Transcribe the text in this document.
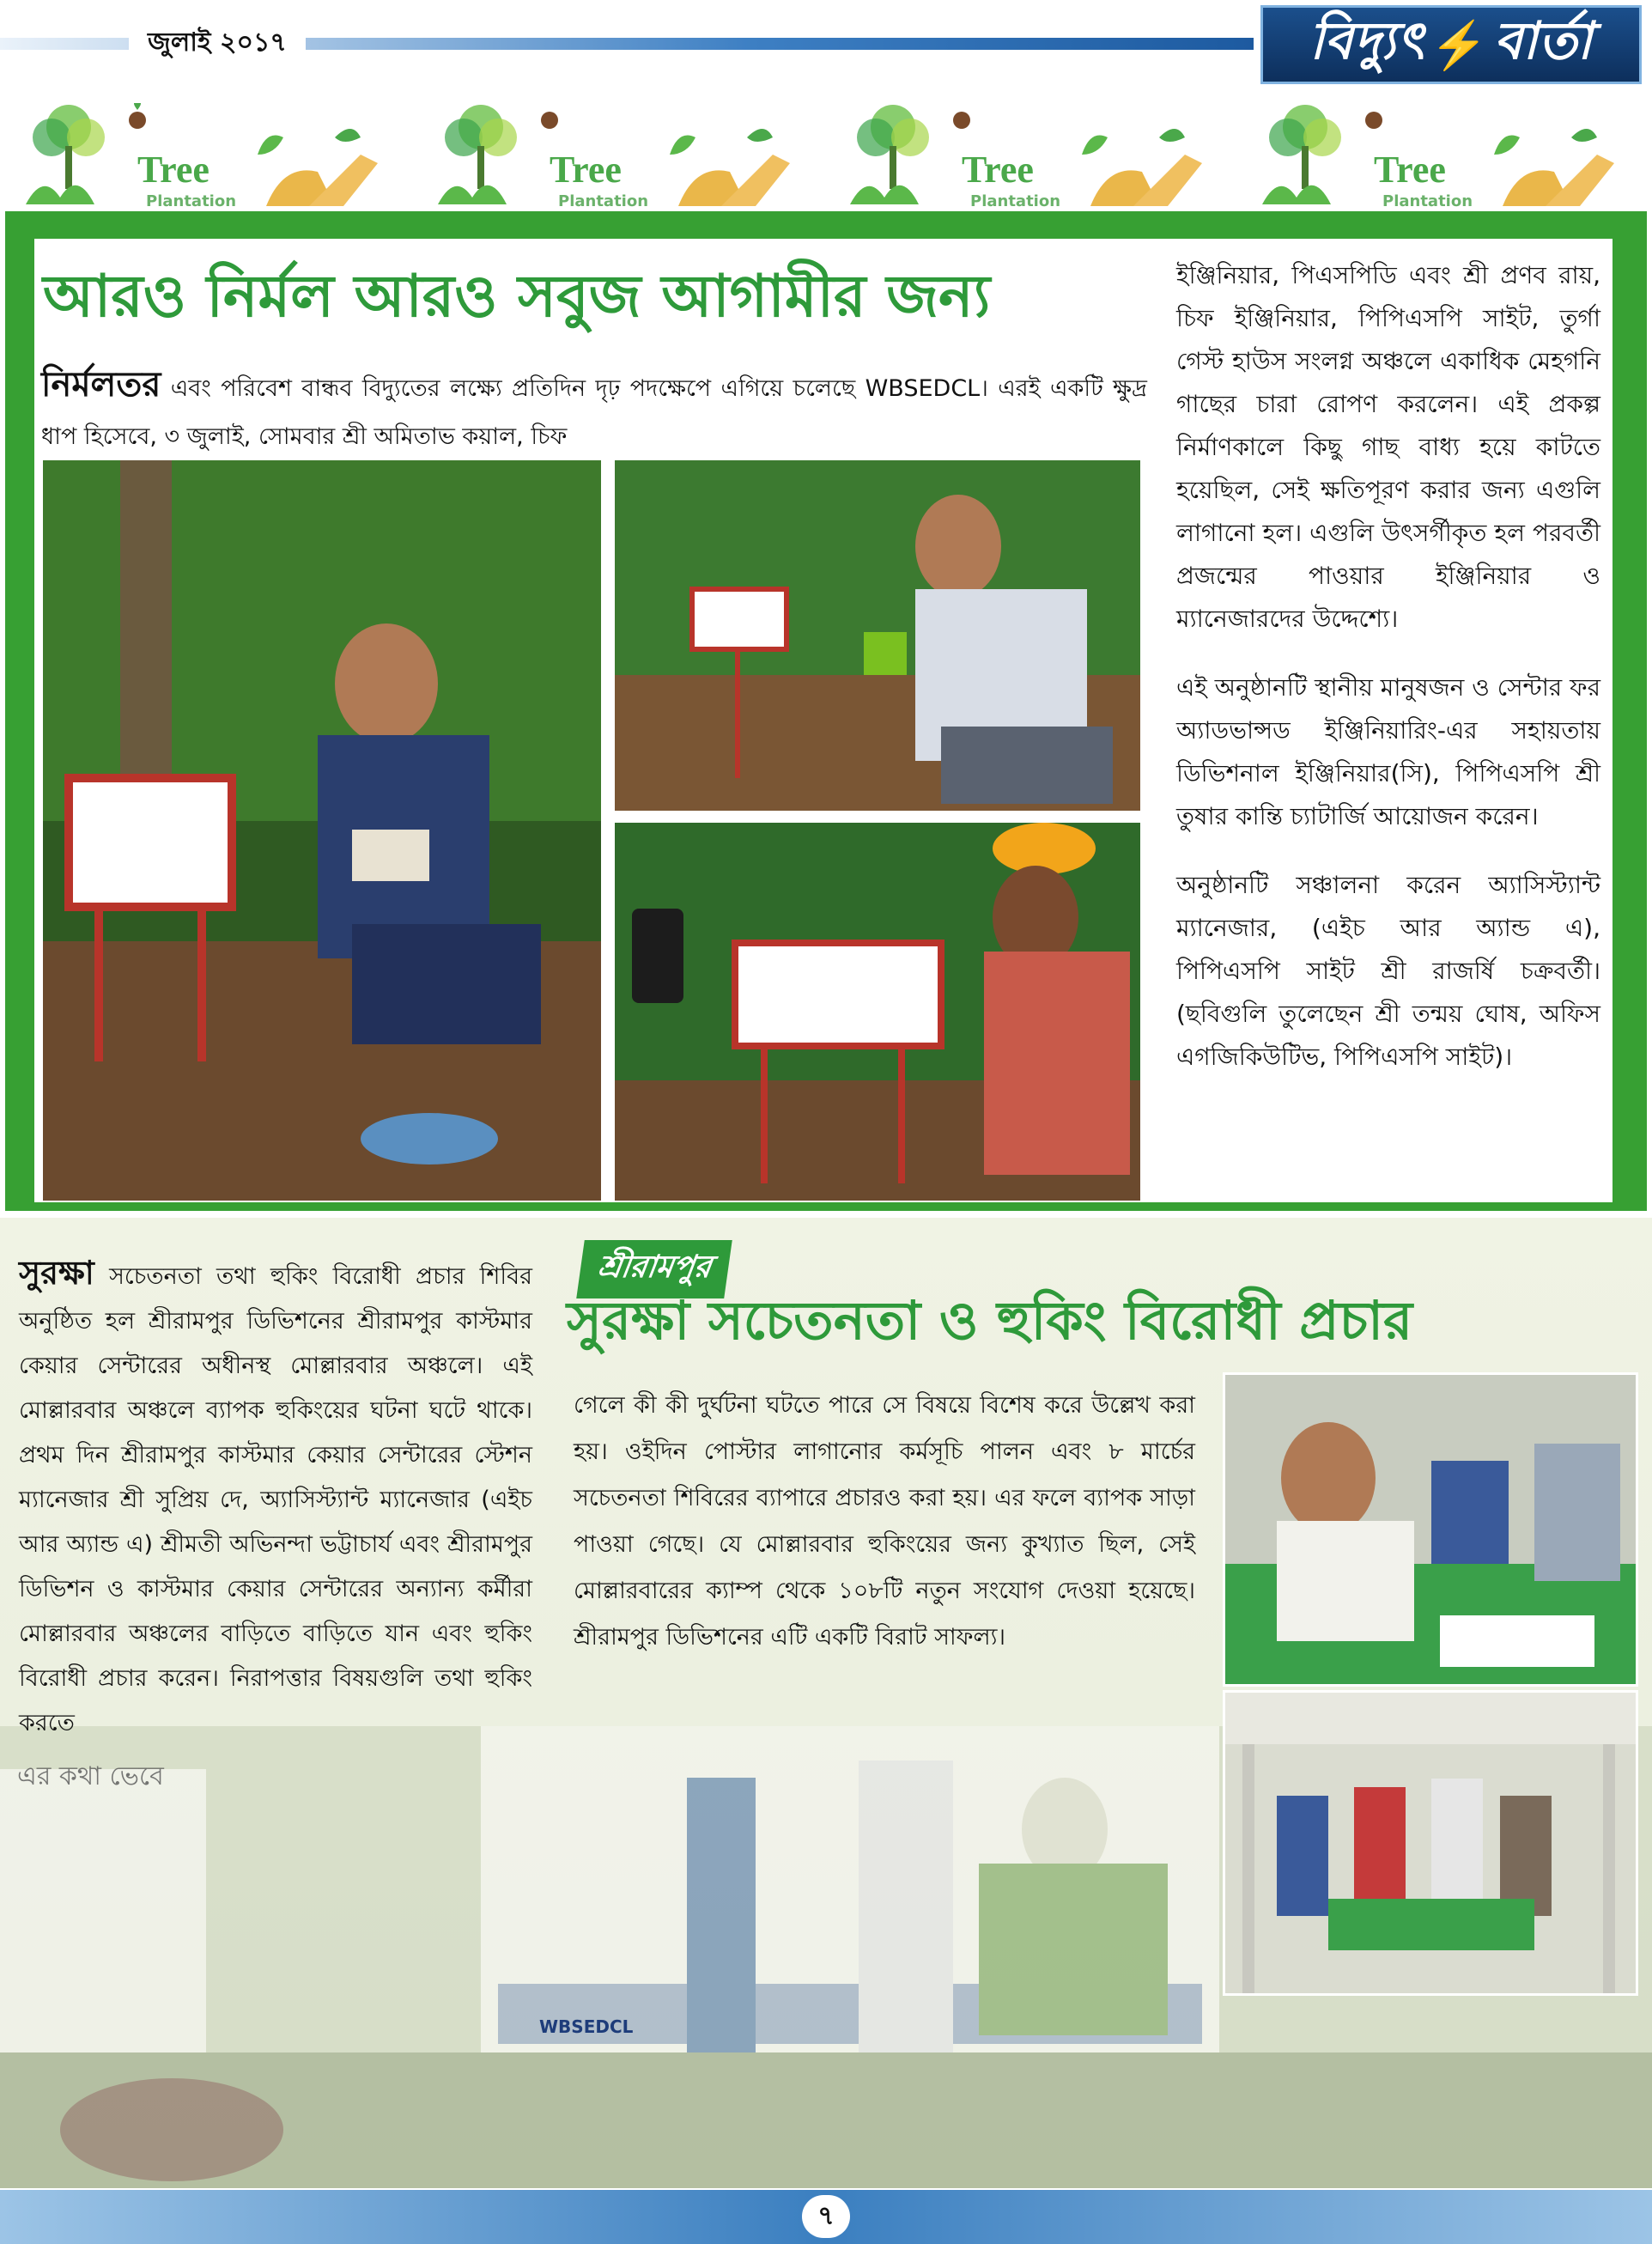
জুলাই ২০১৭	বিদ্যুৎ ⚡ বার্তা
Tree
Plantation
Tree
Plantation
Tree
Plantation
Tree
Plantation
আরও নির্মল আরও সবুজ আগামীর জন্য
নির্মলতর এবং পরিবেশ বান্ধব বিদ্যুতের লক্ষ্যে প্রতিদিন দৃঢ় পদক্ষেপে এগিয়ে চলেছে WBSEDCL। এরই একটি ক্ষুদ্র ধাপ হিসেবে, ৩ জুলাই, সোমবার শ্রী অমিতাভ কয়াল, চিফ

ইঞ্জিনিয়ার, পিএসপিডি এবং শ্রী প্রণব রায়, চিফ ইঞ্জিনিয়ার, পিপিএসপি সাইট, তুর্গা গেস্ট হাউস সংলগ্ন অঞ্চলে একাধিক মেহগনি গাছের চারা রোপণ করলেন। এই প্রকল্প নির্মাণকালে কিছু গাছ বাধ্য হয়ে কাটতে হয়েছিল, সেই ক্ষতিপূরণ করার জন্য এগুলি লাগানো হল। এগুলি উৎসর্গীকৃত হল পরবর্তী প্রজন্মের পাওয়ার ইঞ্জিনিয়ার ও ম্যানেজারদের উদ্দেশ্যে।

এই অনুষ্ঠানটি স্থানীয় মানুষজন ও সেন্টার ফর অ্যাডভান্সড ইঞ্জিনিয়ারিং-এর সহায়তায় ডিভিশনাল ইঞ্জিনিয়ার(সি), পিপিএসপি শ্রী তুষার কান্তি চ্যাটার্জি আয়োজন করেন।

অনুষ্ঠানটি সঞ্চালনা করেন অ্যাসিস্ট্যান্ট ম্যানেজার, (এইচ আর অ্যান্ড এ), পিপিএসপি সাইট শ্রী রাজর্ষি চক্রবর্তী। (ছবিগুলি তুলেছেন শ্রী তন্ময় ঘোষ, অফিস এগজিকিউটিভ, পিপিএসপি সাইট)।

এর কথা ভেবে
WBSEDCL
সুরক্ষা সচেতনতা তথা হুকিং বিরোধী প্রচার শিবির অনুষ্ঠিত হল শ্রীরামপুর ডিভিশনের শ্রীরামপুর কাস্টমার কেয়ার সেন্টারের অধীনস্থ মোল্লারবার অঞ্চলে। এই মোল্লারবার অঞ্চলে ব্যাপক হুকিংয়ের ঘটনা ঘটে থাকে। প্রথম দিন শ্রীরামপুর কাস্টমার কেয়ার সেন্টারের স্টেশন ম্যানেজার শ্রী সুপ্রিয় দে, অ্যাসিস্ট্যান্ট ম্যানেজার (এইচ আর অ্যান্ড এ) শ্রীমতী অভিনন্দা ভট্টাচার্য এবং শ্রীরামপুর ডিভিশন ও কাস্টমার কেয়ার সেন্টারের অন্যান্য কর্মীরা মোল্লারবার অঞ্চলের বাড়িতে বাড়িতে যান এবং হুকিং বিরোধী প্রচার করেন। নিরাপত্তার বিষয়গুলি তথা হুকিং করতে
শ্রীরামপুর
সুরক্ষা সচেতনতা ও হুকিং বিরোধী প্রচার
গেলে কী কী দুর্ঘটনা ঘটতে পারে সে বিষয়ে বিশেষ করে উল্লেখ করা হয়। ওইদিন পোস্টার লাগানোর কর্মসূচি পালন এবং ৮ মার্চের সচেতনতা শিবিরের ব্যাপারে প্রচারও করা হয়। এর ফলে ব্যাপক সাড়া পাওয়া গেছে। যে মোল্লারবার হুকিংয়ের জন্য কুখ্যাত ছিল, সেই মোল্লারবারের ক্যাম্প থেকে ১০৮টি নতুন সংযোগ দেওয়া হয়েছে। শ্রীরামপুর ডিভিশনের এটি একটি বিরাট সাফল্য।
৭
